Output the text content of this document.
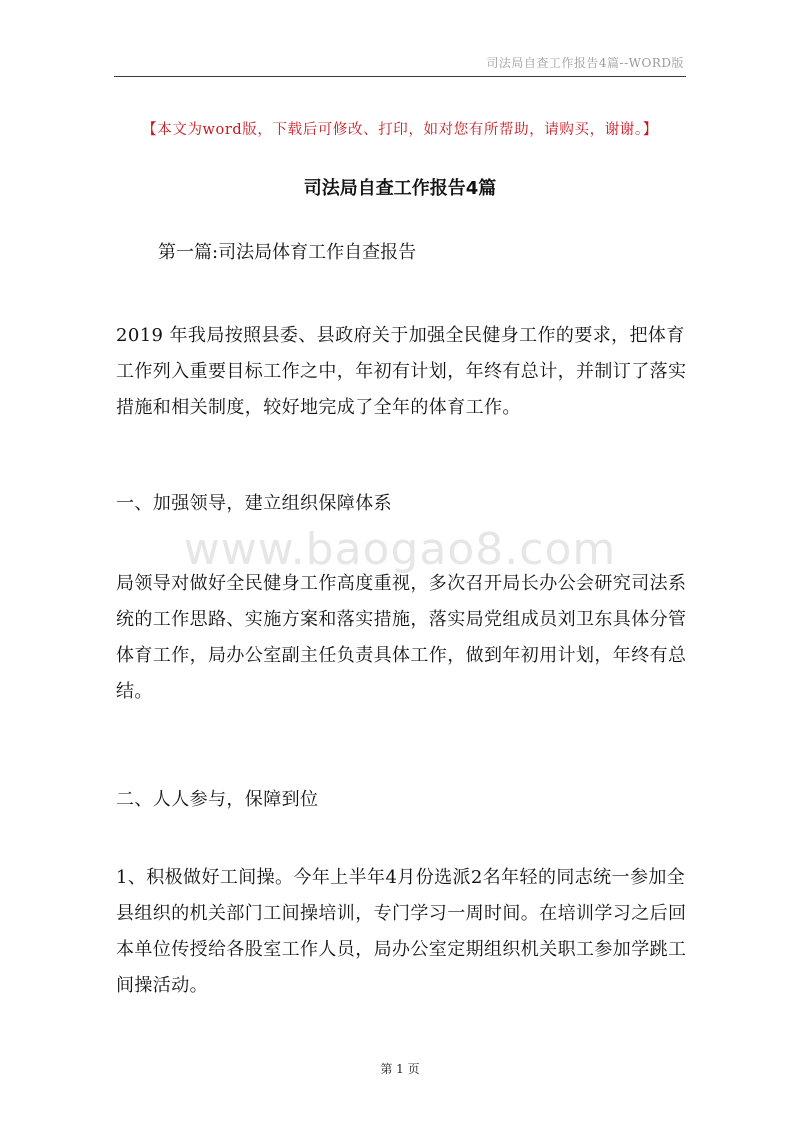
司法局自查工作报告4篇--WORD版
【本文为word版，下载后可修改、打印，如对您有所帮助，请购买，谢谢。】
司法局自查工作报告4篇
第一篇:司法局体育工作自查报告

2019 年我局按照县委、县政府关于加强全民健身工作的要求，把体育工作列入重要目标工作之中，年初有计划，年终有总计，并制订了落实措施和相关制度，较好地完成了全年的体育工作。

一、加强领导，建立组织保障体系

www.baogao8.com

局领导对做好全民健身工作高度重视，多次召开局长办公会研究司法系统的工作思路、实施方案和落实措施，落实局党组成员刘卫东具体分管体育工作，局办公室副主任负责具体工作，做到年初用计划，年终有总结。

二、人人参与，保障到位

1、积极做好工间操。今年上半年4月份选派2名年轻的同志统一参加全县组织的机关部门工间操培训，专门学习一周时间。在培训学习之后回本单位传授给各股室工作人员，局办公室定期组织机关职工参加学跳工间操活动。

第 1 页
